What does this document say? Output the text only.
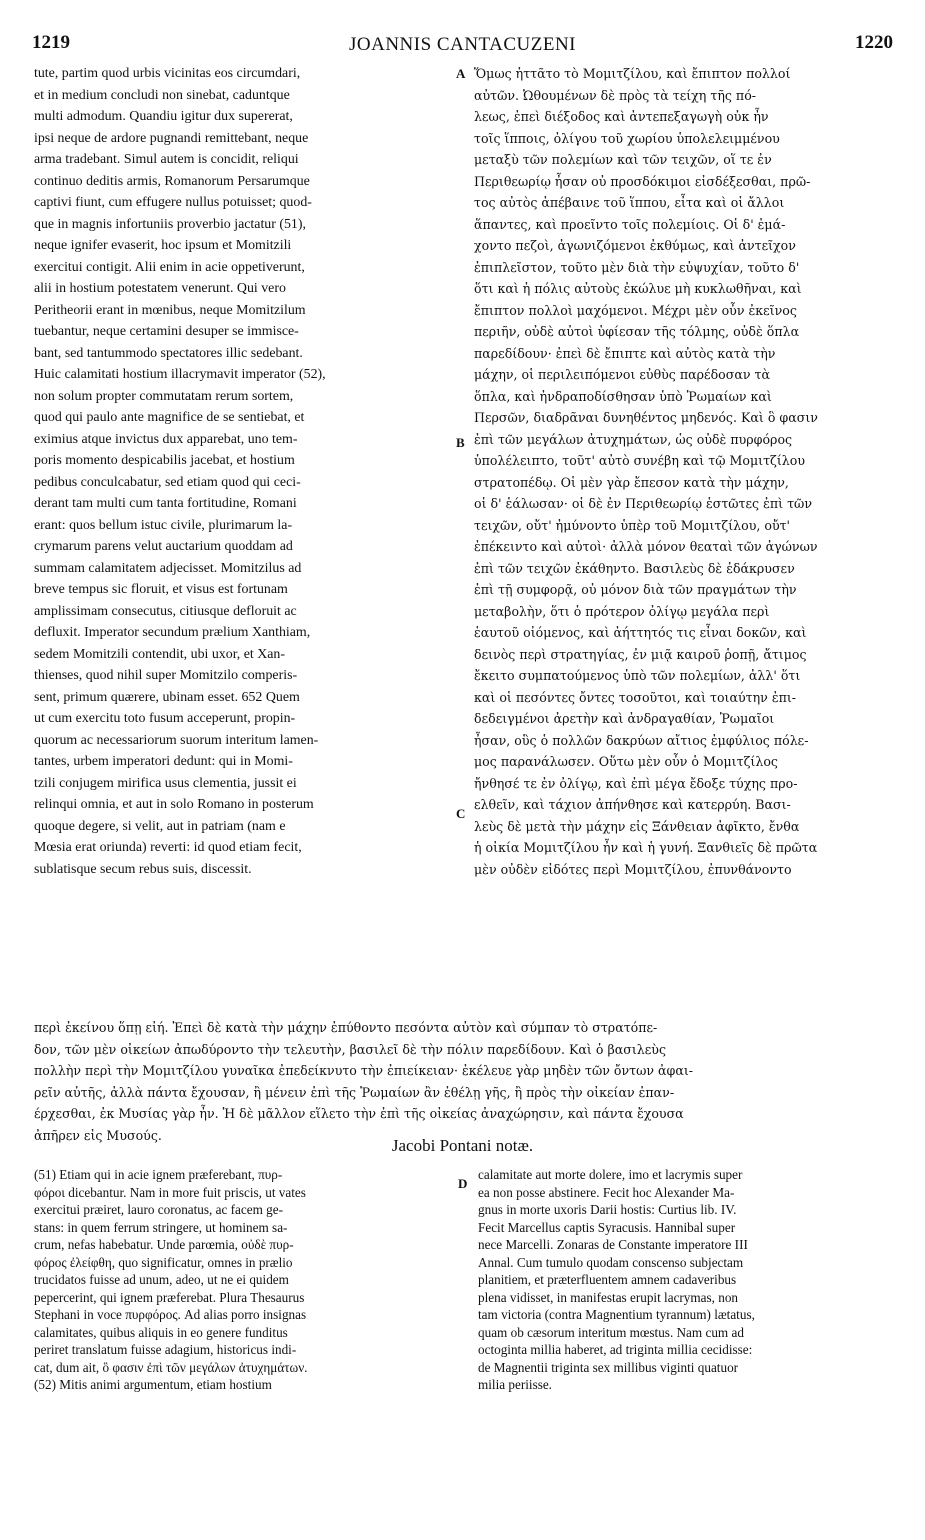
1219	JOANNIS CANTACUZENI	1220
tute, partim quod urbis vicinitas eos circumdari,
et in medium concludi non sinebat, caduntque
multi admodum. Quandiu igitur dux supererat,
ipsi neque de ardore pugnandi remittebant, neque
arma tradebant. Simul autem is concidit, reliqui
continuo deditis armis, Romanorum Persarumque
captivi fiunt, cum effugere nullus potuisset; quod-
que in magnis infortuniis proverbio jactatur (51),
neque ignifer evaserit, hoc ipsum et Momitzili
exercitui contigit. Alii enim in acie oppetiverunt,
alii in hostium potestatem venerunt. Qui vero
Peritheorii erant in mœnibus, neque Momitzilum
tuebantur, neque certamini desuper se immisce-
bant, sed tantummodo spectatores illic sedebant.
Huic calamitati hostium illacrymavit imperator (52),
non solum propter commutatam rerum sortem,
quod qui paulo ante magnifice de se sentiebat, et
eximius atque invictus dux apparebat, uno tem-
poris momento despicabilis jacebat, et hostium
pedibus conculcabatur, sed etiam quod qui ceci-
derant tam multi cum tanta fortitudine, Romani
erant: quos bellum istuc civile, plurimarum la-
crymarum parens velut auctarium quoddam ad
summam calamitatem adjecisset. Momitzilus ad
breve tempus sic floruit, et visus est fortunam
amplissimam consecutus, citiusque defloruit ac
defluxit. Imperator secundum prælium Xanthiam,
sedem Momitzili contendit, ubi uxor, et Xan-
thienses, quod nihil super Momitzilo comperis-
sent, primum quærere, ubinam esset. 652 Quem
ut cum exercitu toto fusum acceperunt, propin-
quorum ac necessariorum suorum interitum lamen-
tantes, urbem imperatori dedunt: qui in Momi-
tzili conjugem mirifica usus clementia, jussit ei
relinqui omnia, et aut in solo Romano in posterum
quoque degere, si velit, aut in patriam (nam e
Mœsia erat oriunda) reverti: id quod etiam fecit,
sublatisque secum rebus suis, discessit.
A
B
C
Ὅμως ἡττᾶτο τὸ Μομιτζίλου, καὶ ἔπιπτον πολλοί
αὐτῶν. Ὠθουμένων δὲ πρὸς τὰ τείχη τῆς πό-
λεως, ἐπεὶ διέξοδος καὶ ἀντεπεξαγωγὴ οὐκ ἦν
τοῖς ἵπποις, ὀλίγου τοῦ χωρίου ὑπολελειμμένου
μεταξὺ τῶν πολεμίων καὶ τῶν τειχῶν, οἵ τε ἐν
Περιθεωρίῳ ἦσαν οὐ προσδόκιμοι εἰσδέξεσθαι, πρῶ-
τος αὐτὸς ἀπέβαινε τοῦ ἵππου, εἶτα καὶ οἱ ἄλλοι
ἅπαντες, καὶ προεῖντο τοῖς πολεμίοις. Οἱ δ' ἐμά-
χοντο πεζοὶ, ἀγωνιζόμενοι ἐκθύμως, καὶ ἀντεῖχον
ἐπιπλεῖστον, τοῦτο μὲν διὰ τὴν εὐψυχίαν, τοῦτο δ'
ὅτι καὶ ἡ πόλις αὐτοὺς ἐκώλυε μὴ κυκλωθῆναι, καὶ
ἔπιπτον πολλοὶ μαχόμενοι. Μέχρι μὲν οὖν ἐκεῖνος
περιῆν, οὐδὲ αὐτοὶ ὑφίεσαν τῆς τόλμης, οὐδὲ ὅπλα
παρεδίδουν· ἐπεὶ δὲ ἔπιπτε καὶ αὐτὸς κατὰ τὴν
μάχην, οἱ περιλειπόμενοι εὐθὺς παρέδοσαν τὰ
ὅπλα, καὶ ἠνδραποδίσθησαν ὑπὸ Ῥωμαίων καὶ
Περσῶν, διαδρᾶναι δυνηθέντος μηδενός. Καὶ ὃ φασιν
ἐπὶ τῶν μεγάλων ἀτυχημάτων, ὡς οὐδὲ πυρφόρος
ὑπολέλειπτο, τοῦτ' αὐτὸ συνέβη καὶ τῷ Μομιτζίλου
στρατοπέδῳ. Οἱ μὲν γὰρ ἔπεσον κατὰ τὴν μάχην,
οἱ δ' ἑάλωσαν· οἱ δὲ ἐν Περιθεωρίῳ ἑστῶτες ἐπὶ τῶν
τειχῶν, οὔτ' ἠμύνοντο ὑπὲρ τοῦ Μομιτζίλου, οὔτ'
ἐπέκειντο καὶ αὐτοὶ· ἀλλὰ μόνον θεαταὶ τῶν ἀγώνων
ἐπὶ τῶν τειχῶν ἐκάθηντο. Βασιλεὺς δὲ ἐδάκρυσεν
ἐπὶ τῇ συμφορᾷ, οὐ μόνον διὰ τῶν πραγμάτων τὴν
μεταβολὴν, ὅτι ὁ πρότερον ὀλίγῳ μεγάλα περὶ
ἑαυτοῦ οἰόμενος, καὶ ἀήττητός τις εἶναι δοκῶν, καὶ
δεινὸς περὶ στρατηγίας, ἐν μιᾷ καιροῦ ῥοπῇ, ἄτιμος
ἔκειτο συμπατούμενος ὑπὸ τῶν πολεμίων, ἀλλ' ὅτι
καὶ οἱ πεσόντες ὄντες τοσοῦτοι, καὶ τοιαύτην ἐπι-
δεδειγμένοι ἀρετὴν καὶ ἀνδραγαθίαν, Ῥωμαῖοι
ἦσαν, οὓς ὁ πολλῶν δακρύων αἴτιος ἐμφύλιος πόλε-
μος παρανάλωσεν. Οὕτω μὲν οὖν ὁ Μομιτζίλος
ἤνθησέ τε ἐν ὀλίγῳ, καὶ ἐπὶ μέγα ἔδοξε τύχης προ-
ελθεῖν, καὶ τάχιον ἀπήνθησε καὶ κατερρύη. Βασι-
λεὺς δὲ μετὰ τὴν μάχην εἰς Ξάνθειαν ἀφῖκτο, ἔνθα
ἡ οἰκία Μομιτζίλου ἦν καὶ ἡ γυνή. Ξανθιεῖς δὲ πρῶτα
μὲν οὐδὲν εἰδότες περὶ Μομιτζίλου, ἐπυνθάνοντο
περὶ ἐκείνου ὅπῃ εἰή. Ἐπεὶ δὲ κατὰ τὴν μάχην ἐπύθοντο πεσόντα αὐτὸν καὶ σύμπαν τὸ στρατόπε-
δον, τῶν μὲν οἰκείων ἀπωδύροντο τὴν τελευτὴν, βασιλεῖ δὲ τὴν πόλιν παρεδίδουν. Καὶ ὁ βασιλεὺς
πολλὴν περὶ τὴν Μομιτζίλου γυναῖκα ἐπεδείκνυτο τὴν ἐπιείκειαν· ἐκέλευε γὰρ μηδὲν τῶν ὄντων ἀφαι-
ρεῖν αὐτῆς, ἀλλὰ πάντα ἔχουσαν, ἢ μένειν ἐπὶ τῆς Ῥωμαίων ἂν ἐθέλῃ γῆς, ἢ πρὸς τὴν οἰκείαν ἐπαν-
έρχεσθαι, ἐκ Μυσίας γὰρ ἦν. Ἡ δὲ μᾶλλον εἵλετο τὴν ἐπὶ τῆς οἰκείας ἀναχώρησιν, καὶ πάντα ἔχουσα
ἀπῆρεν εἰς Μυσούς.
Jacobi Pontani notæ.
D
(51) Etiam qui in acie ignem præferebant, πυρ-
φόροι dicebantur. Nam in more fuit priscis, ut vates
exercitui præiret, lauro coronatus, ac facem ge-
stans: in quem ferrum stringere, ut hominem sa-
crum, nefas habebatur. Unde parœmia, οὐδὲ πυρ-
φόρος ἐλείφθη, quo significatur, omnes in prælio
trucidatos fuisse ad unum, adeo, ut ne ei quidem
pepercerint, qui ignem præferebat. Plura Thesaurus
Stephani in voce πυρφόρος. Ad alias porro insignas
calamitates, quibus aliquis in eo genere funditus
periret translatum fuisse adagium, historicus indi-
cat, dum ait, ὃ φασιν ἐπὶ τῶν μεγάλων ἀτυχημάτων.
(52) Mitis animi argumentum, etiam hostium
calamitate aut morte dolere, imo et lacrymis super
ea non posse abstinere. Fecit hoc Alexander Ma-
gnus in morte uxoris Darii hostis: Curtius lib. IV.
Fecit Marcellus captis Syracusis. Hannibal super
nece Marcelli. Zonaras de Constante imperatore III
Annal. Cum tumulo quodam conscenso subjectam
planitiem, et præterfluentem amnem cadaveribus
plena vidisset, in manifestas erupit lacrymas, non
tam victoria (contra Magnentium tyrannum) lætatus,
quam ob cæsorum interitum mœstus. Nam cum ad
octoginta millia haberet, ad triginta millia cecidisse:
de Magnentii triginta sex millibus viginti quatuor
milia periisse.
